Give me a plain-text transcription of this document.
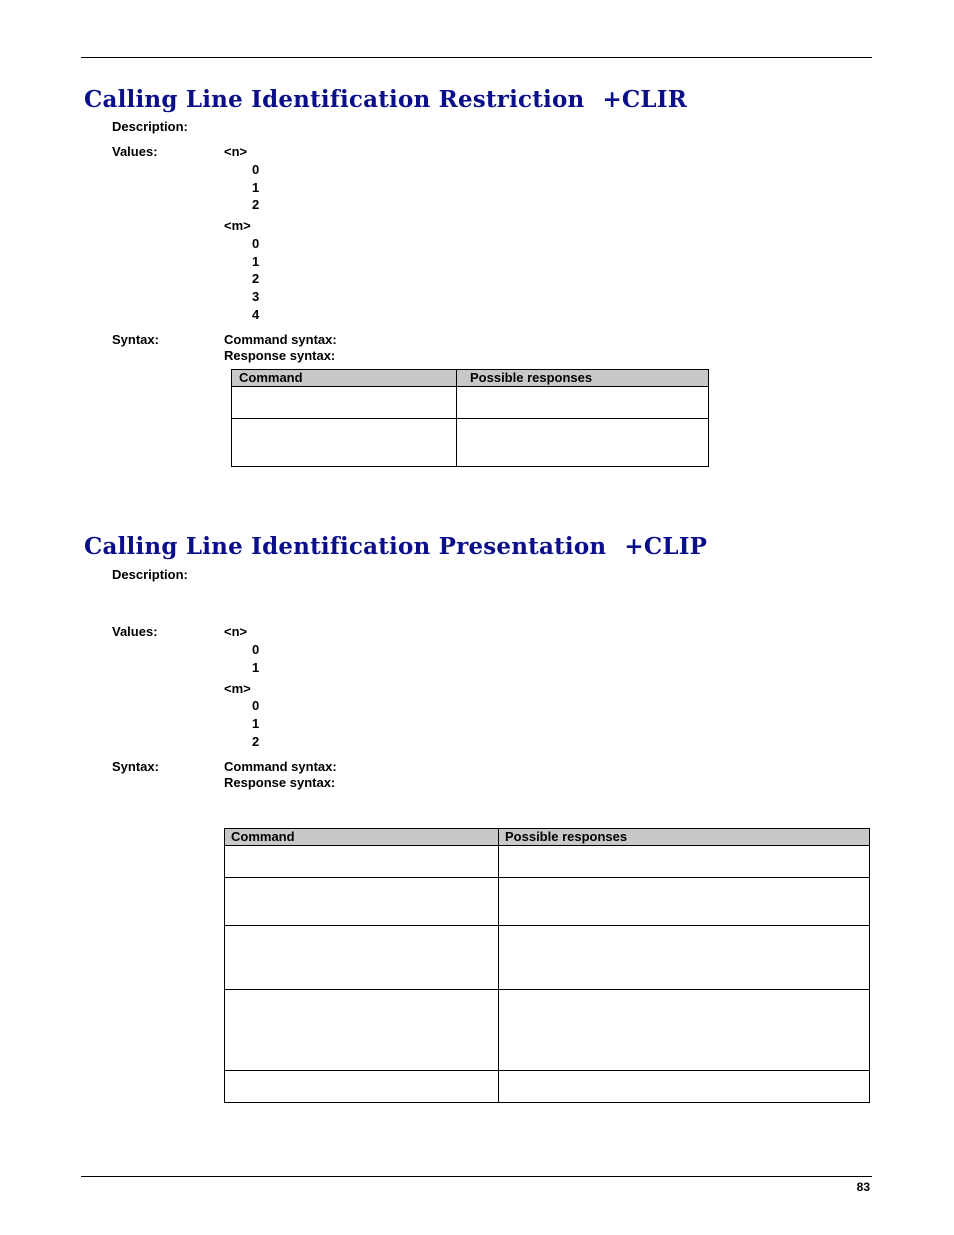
Calling Line Identification Restriction +CLIR
Description:
Values:	<n>
0
1
2
<m>
0
1
2
3
4
Syntax:	Command syntax:
Response syntax:
Command	Possible responses

Calling Line Identification Presentation +CLIP
Description:
Values:	<n>
0
1
<m>
0
1
2
Syntax:	Command syntax:
Response syntax:
Command	Possible responses

83
